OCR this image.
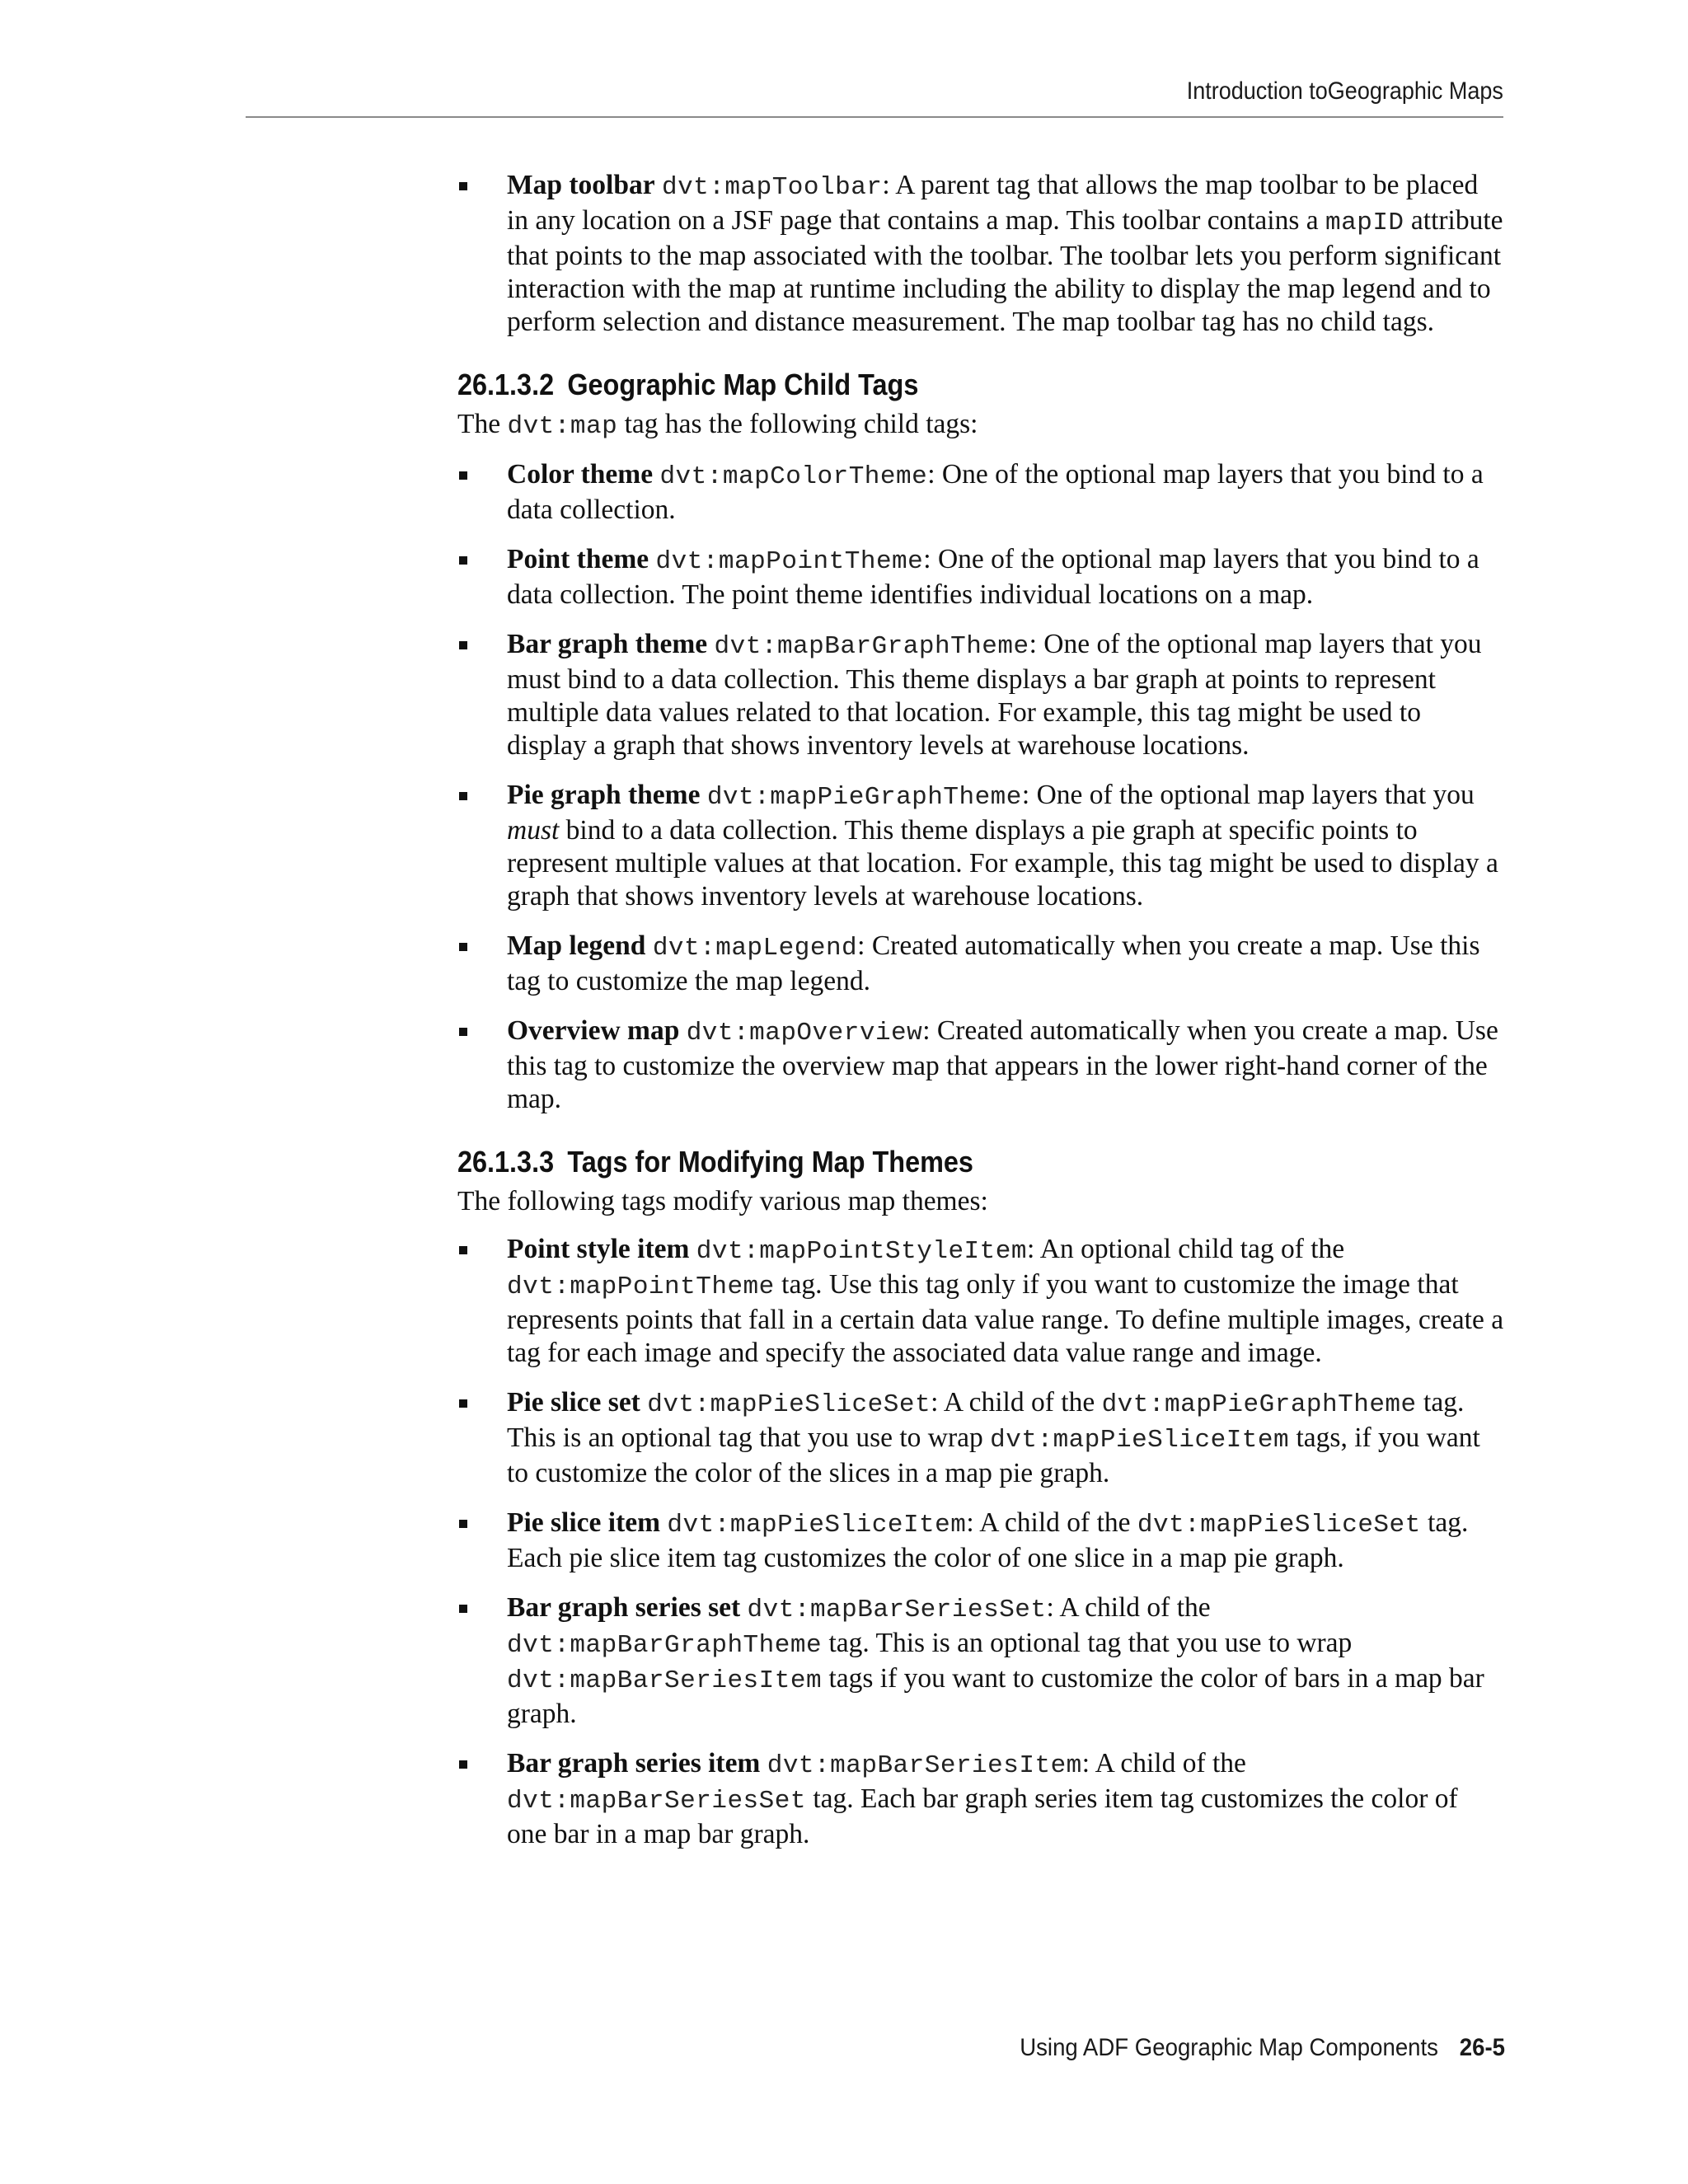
Introduction toGeographic Maps
Map toolbar dvt:mapToolbar: A parent tag that allows the map toolbar to be placed in any location on a JSF page that contains a map. This toolbar contains a mapID attribute that points to the map associated with the toolbar. The toolbar lets you perform significant interaction with the map at runtime including the ability to display the map legend and to perform selection and distance measurement. The map toolbar tag has no child tags.
26.1.3.2 Geographic Map Child Tags

The dvt:map tag has the following child tags:

Color theme dvt:mapColorTheme: One of the optional map layers that you bind to a data collection.
Point theme dvt:mapPointTheme: One of the optional map layers that you bind to a data collection. The point theme identifies individual locations on a map.
Bar graph theme dvt:mapBarGraphTheme: One of the optional map layers that you must bind to a data collection. This theme displays a bar graph at points to represent multiple data values related to that location. For example, this tag might be used to display a graph that shows inventory levels at warehouse locations.
Pie graph theme dvt:mapPieGraphTheme: One of the optional map layers that you must bind to a data collection. This theme displays a pie graph at specific points to represent multiple values at that location. For example, this tag might be used to display a graph that shows inventory levels at warehouse locations.
Map legend dvt:mapLegend: Created automatically when you create a map. Use this tag to customize the map legend.
Overview map dvt:mapOverview: Created automatically when you create a map. Use this tag to customize the overview map that appears in the lower right-hand corner of the map.
26.1.3.3 Tags for Modifying Map Themes

The following tags modify various map themes:

Point style item dvt:mapPointStyleItem: An optional child tag of the dvt:mapPointTheme tag. Use this tag only if you want to customize the image that represents points that fall in a certain data value range. To define multiple images, create a tag for each image and specify the associated data value range and image.
Pie slice set dvt:mapPieSliceSet: A child of the dvt:mapPieGraphTheme tag. This is an optional tag that you use to wrap dvt:mapPieSliceItem tags, if you want to customize the color of the slices in a map pie graph.
Pie slice item dvt:mapPieSliceItem: A child of the dvt:mapPieSliceSet tag. Each pie slice item tag customizes the color of one slice in a map pie graph.
Bar graph series set dvt:mapBarSeriesSet: A child of the dvt:mapBarGraphTheme tag. This is an optional tag that you use to wrap dvt:mapBarSeriesItem tags if you want to customize the color of bars in a map bar graph.
Bar graph series item dvt:mapBarSeriesItem: A child of the dvt:mapBarSeriesSet tag. Each bar graph series item tag customizes the color of one bar in a map bar graph.
Using ADF Geographic Map Components 26-5
